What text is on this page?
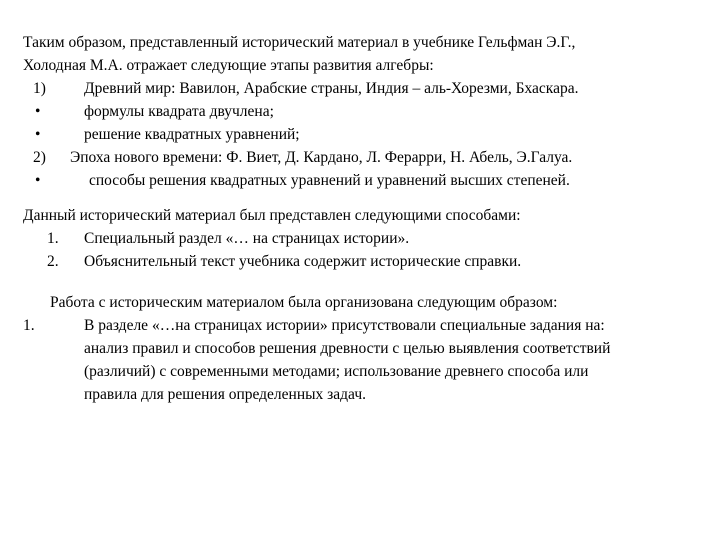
Таким образом, представленный исторический материал в учебнике Гельфман Э.Г.,
Холодная М.А. отражает следующие этапы развития алгебры:
1) Древний мир: Вавилон, Арабские страны, Индия – аль-Хорезми, Бхаскара.
•	формулы квадрата двучлена;
•	решение квадратных уравнений;
2) Эпоха нового времени: Ф. Виет, Д. Кардано, Л. Ферарри, Н. Абель, Э.Галуа.
•	способы решения квадратных уравнений и уравнений высших степеней.
Данный исторический материал был представлен следующими способами:
1. Специальный раздел «… на страницах истории».
2. Объяснительный текст учебника содержит исторические справки.
Работа с историческим материалом была организована следующим образом:
1.	В разделе «…на страницах истории» присутствовали специальные задания на:
анализ правил и способов решения древности с целью выявления соответствий
(различий) с современными методами; использование древнего способа или
правила для решения определенных задач.
